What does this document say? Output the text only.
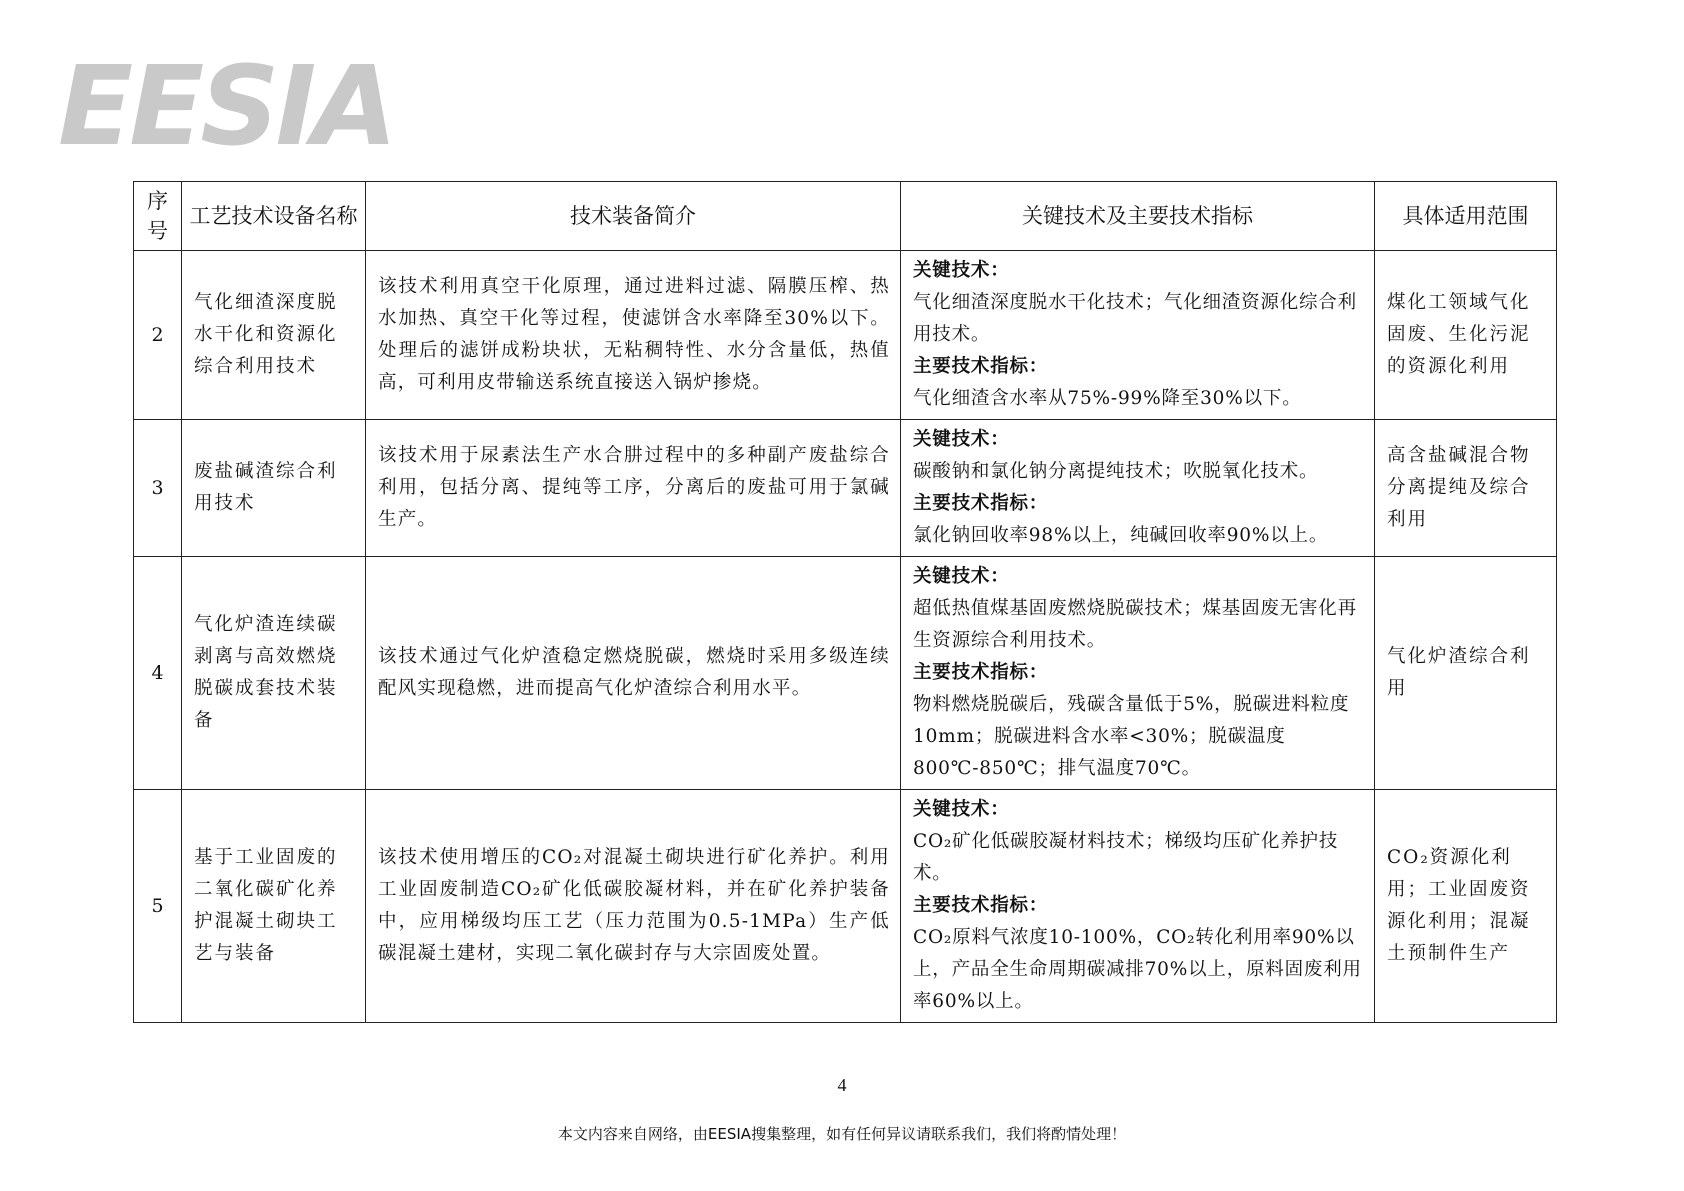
EESIA
序号	工艺技术设备名称	技术装备简介	关键技术及主要技术指标	具体适用范围
2	气化细渣深度脱水干化和资源化综合利用技术	该技术利用真空干化原理，通过进料过滤、隔膜压榨、热水加热、真空干化等过程，使滤饼含水率降至30%以下。处理后的滤饼成粉块状，无粘稠特性、水分含量低，热值高，可利用皮带输送系统直接送入锅炉掺烧。	关键技术：
气化细渣深度脱水干化技术；气化细渣资源化综合利用技术。
主要技术指标：
气化细渣含水率从75%-99%降至30%以下。	煤化工领域气化固废、生化污泥的资源化利用
3	废盐碱渣综合利用技术	该技术用于尿素法生产水合肼过程中的多种副产废盐综合利用，包括分离、提纯等工序，分离后的废盐可用于氯碱生产。	关键技术：
碳酸钠和氯化钠分离提纯技术；吹脱氧化技术。
主要技术指标：
氯化钠回收率98%以上，纯碱回收率90%以上。	高含盐碱混合物分离提纯及综合利用
4	气化炉渣连续碳剥离与高效燃烧脱碳成套技术装备	该技术通过气化炉渣稳定燃烧脱碳，燃烧时采用多级连续配风实现稳燃，进而提高气化炉渣综合利用水平。	关键技术：
超低热值煤基固废燃烧脱碳技术；煤基固废无害化再生资源综合利用技术。
主要技术指标：
物料燃烧脱碳后，残碳含量低于5%，脱碳进料粒度10mm；脱碳进料含水率<30%；脱碳温度800℃-850℃；排气温度70℃。	气化炉渣综合利用
5	基于工业固废的二氧化碳矿化养护混凝土砌块工艺与装备	该技术使用增压的CO₂对混凝土砌块进行矿化养护。利用工业固废制造CO₂矿化低碳胶凝材料，并在矿化养护装备中，应用梯级均压工艺（压力范围为0.5-1MPa）生产低碳混凝土建材，实现二氧化碳封存与大宗固废处置。	关键技术：
CO₂矿化低碳胶凝材料技术；梯级均压矿化养护技术。
主要技术指标：
CO₂原料气浓度10-100%，CO₂转化利用率90%以上，产品全生命周期碳减排70%以上，原料固废利用率60%以上。	CO₂资源化利用；工业固废资源化利用；混凝土预制件生产
4
本文内容来自网络，由EESIA搜集整理，如有任何异议请联系我们，我们将酌情处理！
